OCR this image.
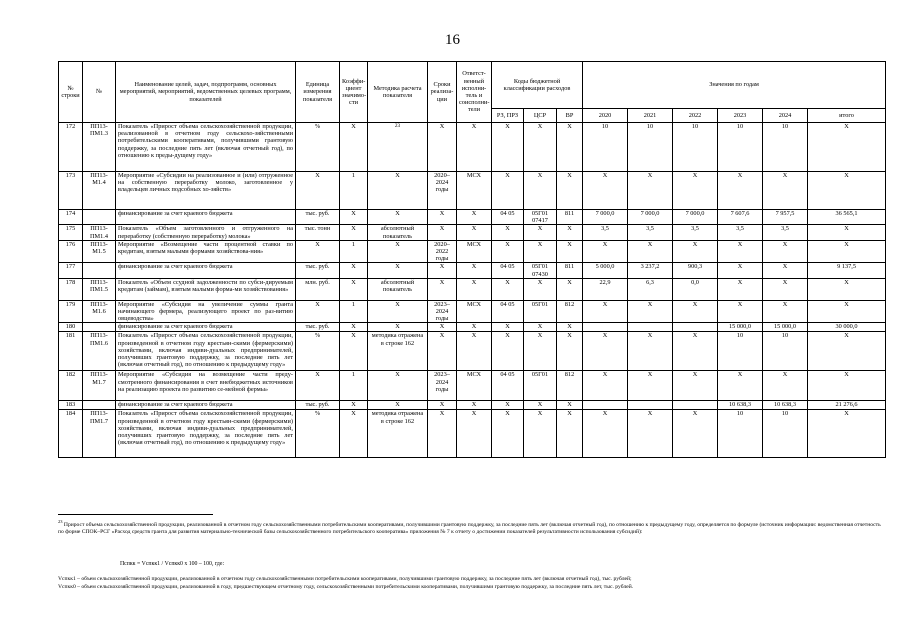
16
№ строки	№	Наименование целей, задач, подпрограмм, основных мероприятий, мероприятий, ведомственных целевых программ, показателей	Единица измерения показателя	Коэффи-циент значимо-сти	Методика расчета показателя	Сроки реализа-ции	Ответст-венный исполни-тель и соисполни-тели	Коды бюджетной классификации расходов			Значения по годам					
								РЗ, ПРЗ	ЦСР	ВР	2020	2021	2022	2023	2024	итого
172	ПП13-ПМ1.3	Показатель «Прирост объема сельскохозяйственной продукции, реализованной в отчетном году сельскохо-зяйственными потребительскими кооперативами, получившими грантовую поддержку, за последние пять лет (включая отчетный год), по отношению к преды-дущему году»	%	Х	$^{23}$	Х	Х	Х	Х	Х	10	10	10	10	10	Х
173	ПП13-М1.4	Мероприятие «Субсидии на реализованное и (или) отгруженное на собственную переработку молоко, заготовленное у владельцев личных подсобных хо-зяйств»	Х	1	Х	2020–2024 годы	МСХ	Х	Х	Х	Х	Х	Х	Х	Х	Х
174		финансирование за счет краевого бюджета	тыс. руб.	Х	Х	Х	Х	04 05	05Г01 07417	811	7 000,0	7 000,0	7 000,0	7 607,6	7 957,5	36 565,1
175	ПП13-ПМ1.4	Показатель «Объем заготовленного и отгруженного на переработку (собственную переработку) молока»	тыс. тонн	Х	абсолютный показатель	Х	Х	Х	Х	Х	3,5	3,5	3,5	3,5	3,5	Х
176	ПП13-М1.5	Мероприятие «Возмещение части процентной ставки по кредитам, взятым малыми формами хозяйствова-ния»	Х	1	Х	2020–2022 годы	МСХ	Х	Х	Х	Х	Х	Х	Х	Х	Х
177		финансирование за счет краевого бюджета	тыс. руб.	Х	Х	Х	Х	04 05	05Г01 07430	811	5 000,0	3 237,2	900,3	Х	Х	9 137,5
178	ПП13-ПМ1.5	Показатель «Объем ссудной задолженности по субси-дируемым кредитам (займам), взятым малыми форма-ми хозяйствования»	млн. руб.	Х	абсолютный показатель	Х	Х	Х	Х	Х	22,9	6,3	0,0	Х	Х	Х
179	ПП13-М1.6	Мероприятие «Субсидия на увеличение суммы гранта начинающего фермера, реализующего проект по раз-витию овцеводства»	Х	1	Х	2023–2024 годы	МСХ	04 05	05Г01	812	Х	Х	Х	Х	Х	Х
180		финансирование за счет краевого бюджета	тыс. руб.	Х	Х	Х	Х	Х	Х	Х				15 000,0	15 000,0	30 000,0
181	ПП13-ПМ1.6	Показатель «Прирост объема сельскохозяйственной продукции, произведенной в отчетном году крестьян-скими (фермерскими) хозяйствами, включая индиви-дуальных предпринимателей, получивших грантовую поддержку, за последние пять лет (включая отчетный год), по отношению к предыдущему году»	%	Х	методика отражена в строке 162	Х	Х	Х	Х	Х	Х	Х	Х	10	10	Х
182	ПП13-М1.7	Мероприятие «Субсидия на возмещение части преду-смотренного финансирования в счет внебюджетных источников на реализацию проекта по развитию се-мейной фермы»	Х	1	Х	2023–2024 годы	МСХ	04 05	05Г01	812	Х	Х	Х	Х	Х	Х
183		финансирование за счет краевого бюджета	тыс. руб.	Х	Х	Х	Х	Х	Х	Х				10 638,3	10 638,3	21 276,6
184	ПП13-ПМ1.7	Показатель «Прирост объема сельскохозяйственной продукции, произведенной в отчетном году крестьян-скими (фермерскими) хозяйствами, включая индиви-дуальных предпринимателей, получивших грантовую поддержку, за последние пять лет (включая отчетный год), по отношению к предыдущему году»	%	Х	методика отражена в строке 162	Х	Х	Х	Х	Х	Х	Х	Х	10	10	Х
$^{23}$ Прирост объема сельскохозяйственной продукции, реализованной в отчетном году сельскохозяйственными потребительскими кооперативами, получившими грантовую поддержку, за последние пять лет (включая отчетный год), по отношению к предыдущему году, определяется по формуле (источник информации: ведомственная отчетность по форме СПОК–РСГ «Расход средств гранта для развития материально-технической базы сельскохозяйственного потребительского кооператива» приложения № 7 к отчету о достижении показателей результативности использования субсидий):
Пспкк = Vспкк1 / Vспкк0 x 100 – 100, где:
Vспкк1 – объем сельскохозяйственной продукции, реализованной в отчетном году сельскохозяйственными потребительскими кооперативами, получившими грантовую поддержку, за последние пять лет (включая отчетный год), тыс. рублей;
Vспкк0 – объем сельскохозяйственной продукции, реализованной в году, предшествующем отчетному году, сельскохозяйственными потребительскими кооперативами, получившими грантовую поддержку, за последние пять лет, тыс. рублей.
